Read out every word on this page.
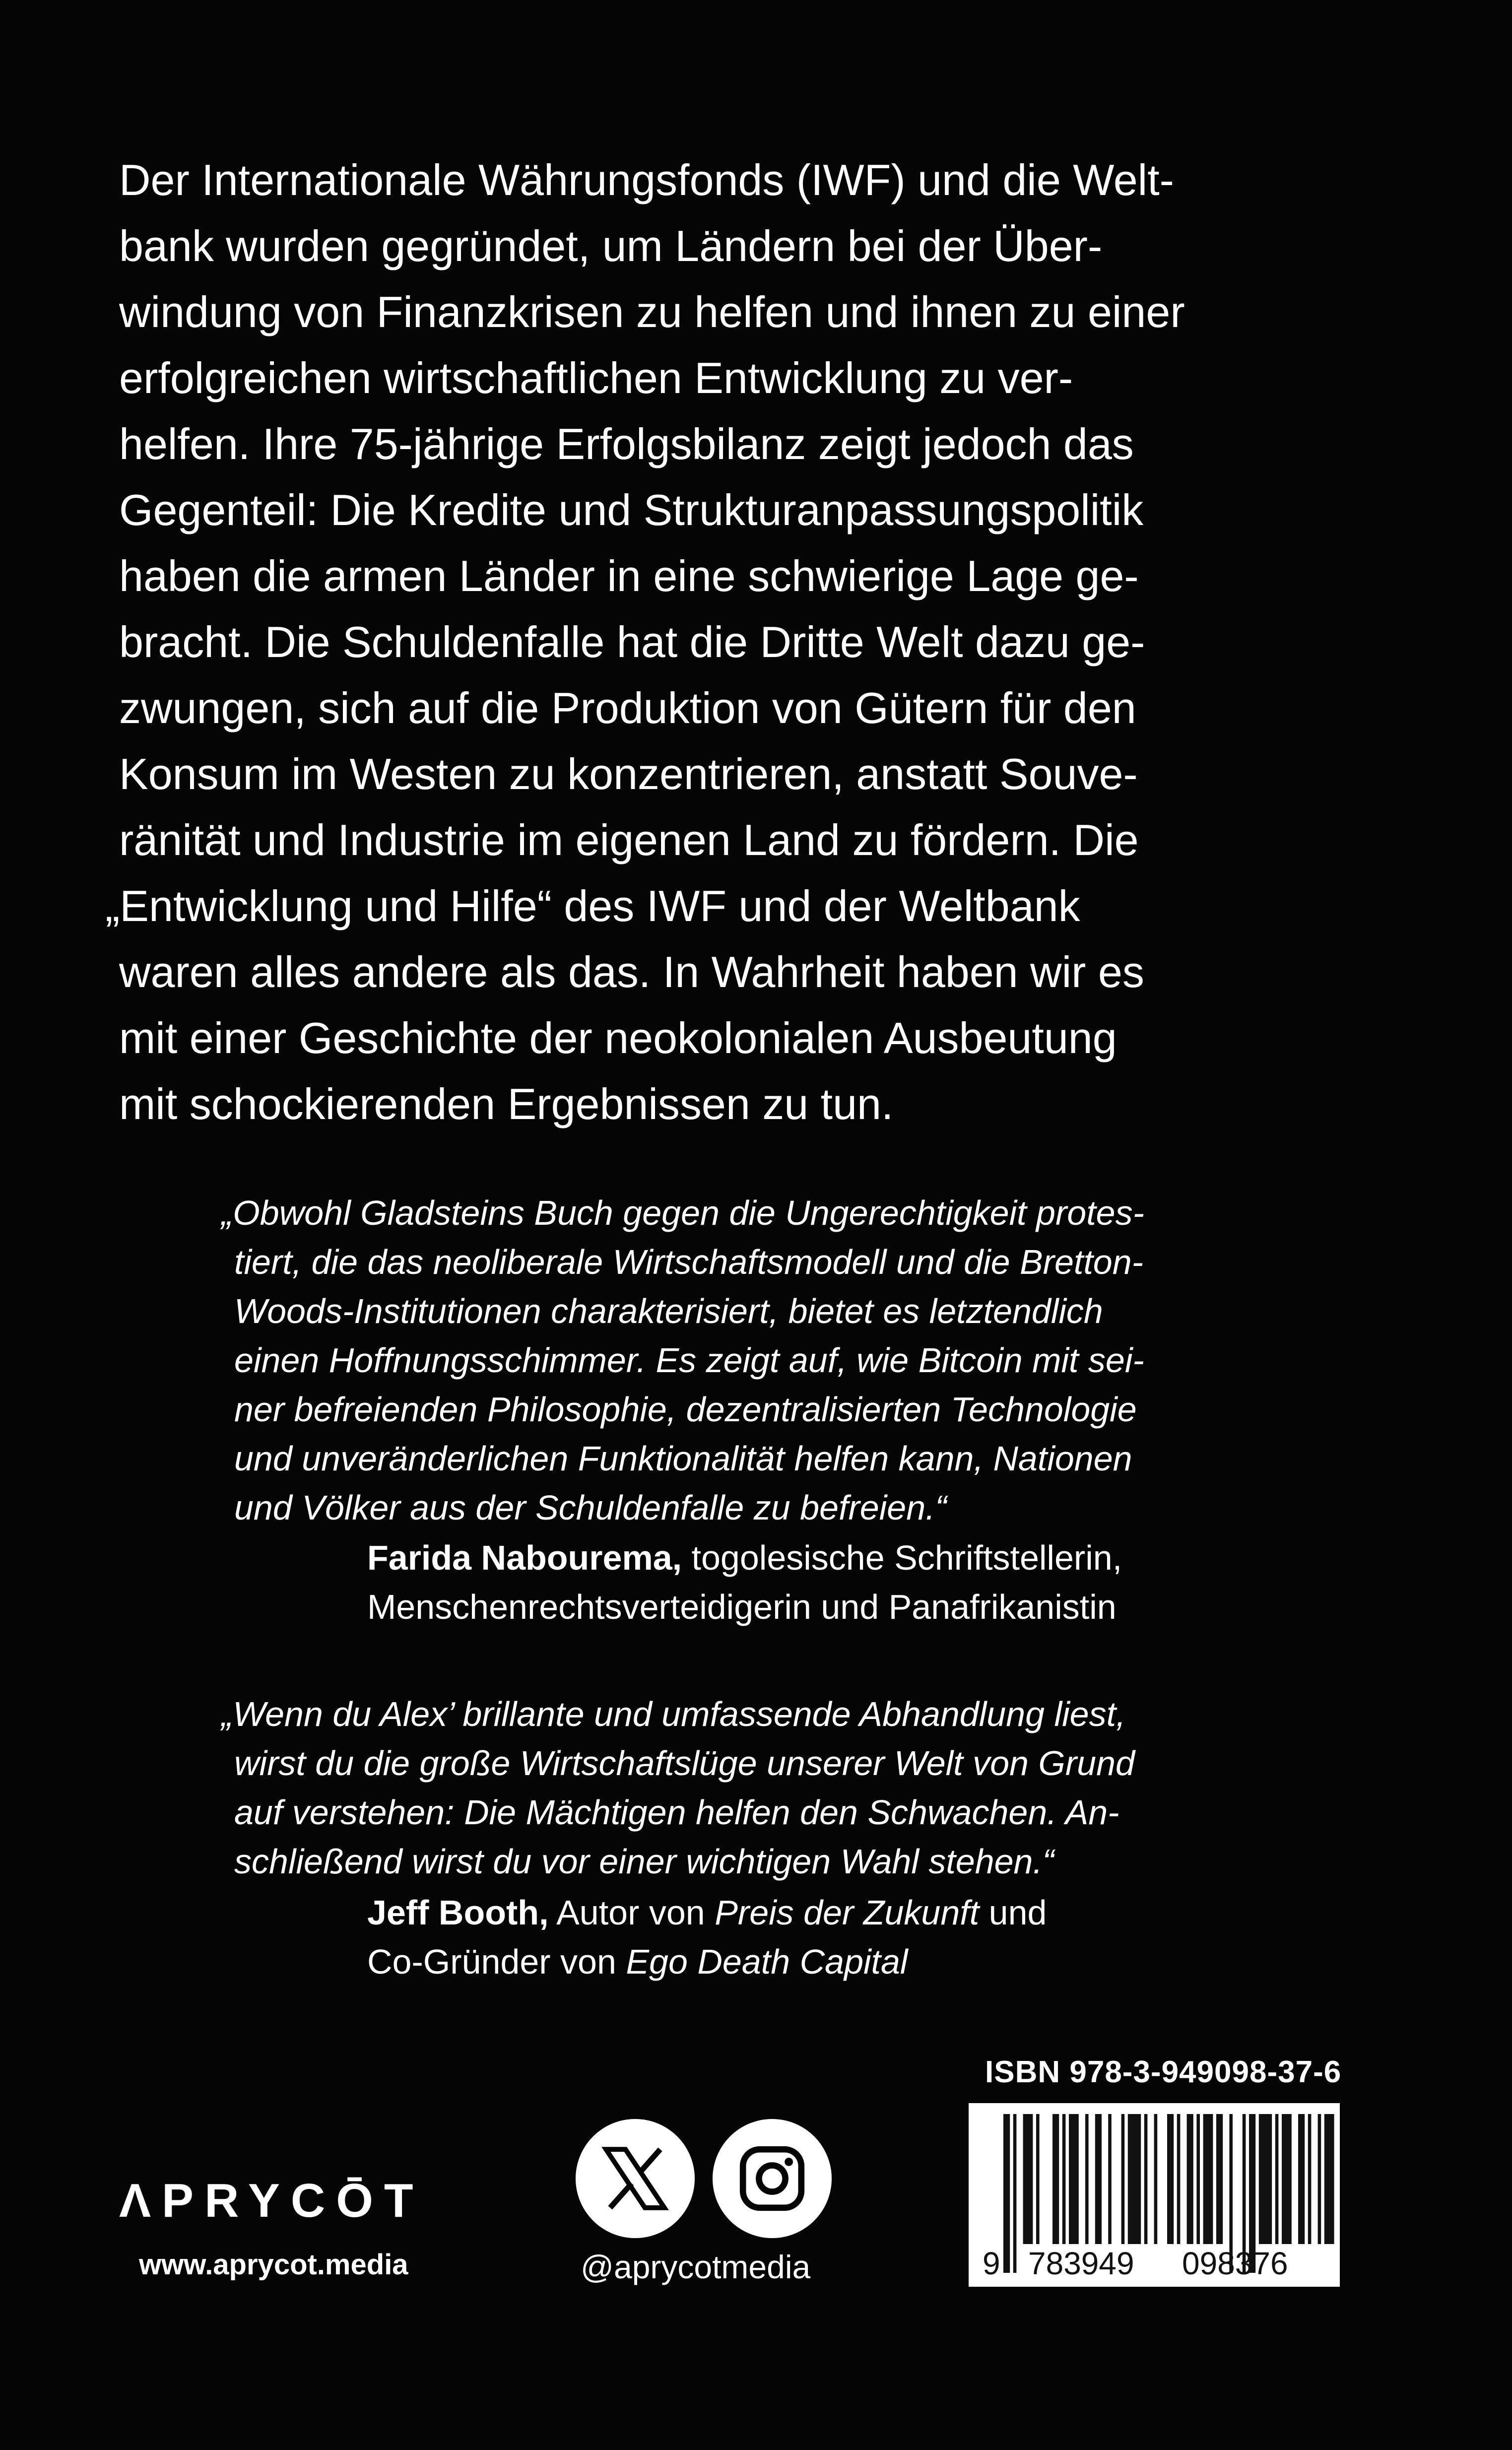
Der Internationale Währungsfonds (IWF) und die Welt-
bank wurden gegründet, um Ländern bei der Über-
windung von Finanzkrisen zu helfen und ihnen zu einer
erfolgreichen wirtschaftlichen Entwicklung zu ver-
helfen. Ihre 75-jährige Erfolgsbilanz zeigt jedoch das
Gegenteil: Die Kredite und Strukturanpassungspolitik
haben die armen Länder in eine schwierige Lage ge-
bracht. Die Schuldenfalle hat die Dritte Welt dazu ge-
zwungen, sich auf die Produktion von Gütern für den
Konsum im Westen zu konzentrieren, anstatt Souve-
ränität und Industrie im eigenen Land zu fördern. Die
„Entwicklung und Hilfe“ des IWF und der Weltbank
waren alles andere als das. In Wahrheit haben wir es
mit einer Geschichte der neokolonialen Ausbeutung
mit schockierenden Ergebnissen zu tun.
„Obwohl Gladsteins Buch gegen die Ungerechtigkeit protes-
tiert, die das neoliberale Wirtschaftsmodell und die Bretton-
Woods-Institutionen charakterisiert, bietet es letztendlich
einen Hoffnungsschimmer. Es zeigt auf, wie Bitcoin mit sei-
ner befreienden Philosophie, dezentralisierten Technologie
und unveränderlichen Funktionalität helfen kann, Nationen
und Völker aus der Schuldenfalle zu befreien.“
Farida Nabourema, togolesische Schriftstellerin,
Menschenrechtsverteidigerin und Panafrikanistin
„Wenn du Alex’ brillante und umfassende Abhandlung liest,
wirst du die große Wirtschaftslüge unserer Welt von Grund
auf verstehen: Die Mächtigen helfen den Schwachen. An-
schließend wirst du vor einer wichtigen Wahl stehen.“
Jeff Booth, Autor von Preis der Zukunft und
Co-Gründer von Ego Death Capital
ΛPRYCŌT
www.aprycot.media	@aprycotmedia
ISBN 978-3-949098-37-6
9 783949 098376
